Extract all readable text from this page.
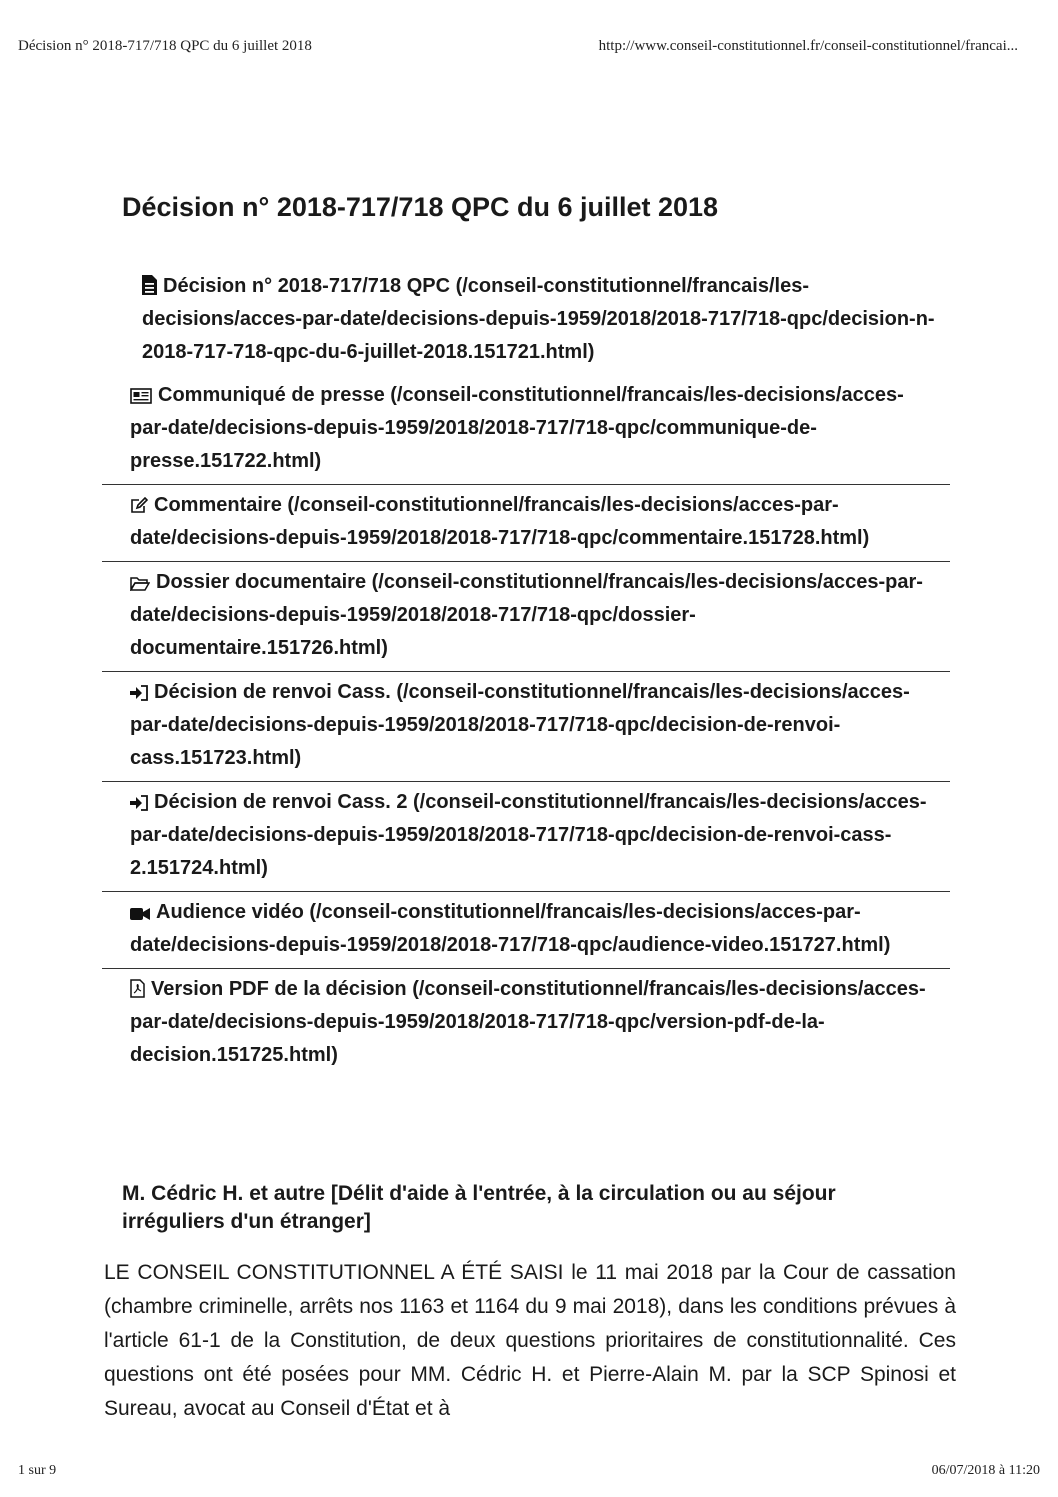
Décision n° 2018-717/718 QPC du 6 juillet 2018	http://www.conseil-constitutionnel.fr/conseil-constitutionnel/francai...
Décision n° 2018-717/718 QPC du 6 juillet 2018
Décision n° 2018-717/718 QPC (/conseil-constitutionnel/francais/les-decisions/acces-par-date/decisions-depuis-1959/2018/2018-717/718-qpc/decision-n-2018-717-718-qpc-du-6-juillet-2018.151721.html)
Communiqué de presse (/conseil-constitutionnel/francais/les-decisions/acces-par-date/decisions-depuis-1959/2018/2018-717/718-qpc/communique-de-presse.151722.html)
Commentaire (/conseil-constitutionnel/francais/les-decisions/acces-par-date/decisions-depuis-1959/2018/2018-717/718-qpc/commentaire.151728.html)
Dossier documentaire (/conseil-constitutionnel/francais/les-decisions/acces-par-date/decisions-depuis-1959/2018/2018-717/718-qpc/dossier-documentaire.151726.html)
Décision de renvoi Cass. (/conseil-constitutionnel/francais/les-decisions/acces-par-date/decisions-depuis-1959/2018/2018-717/718-qpc/decision-de-renvoi-cass.151723.html)
Décision de renvoi Cass. 2 (/conseil-constitutionnel/francais/les-decisions/acces-par-date/decisions-depuis-1959/2018/2018-717/718-qpc/decision-de-renvoi-cass-2.151724.html)
Audience vidéo (/conseil-constitutionnel/francais/les-decisions/acces-par-date/decisions-depuis-1959/2018/2018-717/718-qpc/audience-video.151727.html)
Version PDF de la décision (/conseil-constitutionnel/francais/les-decisions/acces-par-date/decisions-depuis-1959/2018/2018-717/718-qpc/version-pdf-de-la-decision.151725.html)
M. Cédric H. et autre [Délit d'aide à l'entrée, à la circulation ou au séjour irréguliers d'un étranger]

LE CONSEIL CONSTITUTIONNEL A ÉTÉ SAISI le 11 mai 2018 par la Cour de cassation (chambre criminelle, arrêts nos 1163 et 1164 du 9 mai 2018), dans les conditions prévues à l'article 61-1 de la Constitution, de deux questions prioritaires de constitutionnalité. Ces questions ont été posées pour MM. Cédric H. et Pierre-Alain M. par la SCP Spinosi et Sureau, avocat au Conseil d'État et à

1 sur 9	06/07/2018 à 11:20
